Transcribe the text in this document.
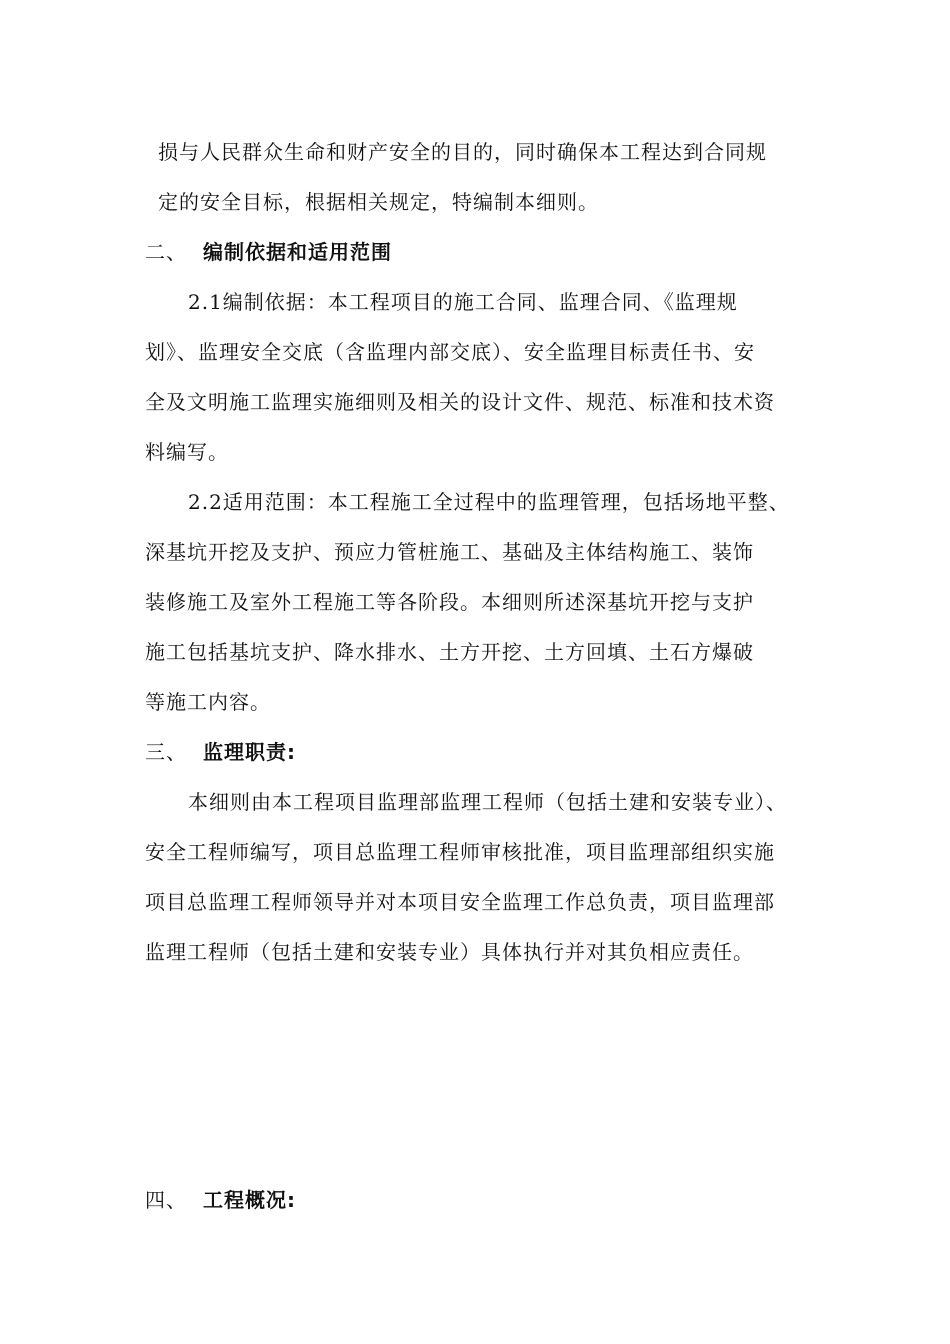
损与人民群众生命和财产安全的目的，同时确保本工程达到合同规
定的安全目标，根据相关规定，特编制本细则。
二、 编制依据和适用范围
2.1编制依据：本工程项目的施工合同、监理合同、《监理规
划》、监理安全交底（含监理内部交底）、安全监理目标责任书、安
全及文明施工监理实施细则及相关的设计文件、规范、标准和技术资
料编写。
2.2适用范围：本工程施工全过程中的监理管理，包括场地平整、
深基坑开挖及支护、预应力管桩施工、基础及主体结构施工、装饰
装修施工及室外工程施工等各阶段。本细则所述深基坑开挖与支护
施工包括基坑支护、降水排水、土方开挖、土方回填、土石方爆破
等施工内容。
三、 监理职责:
本细则由本工程项目监理部监理工程师（包括土建和安装专业）、
安全工程师编写，项目总监理工程师审核批准，项目监理部组织实施
项目总监理工程师领导并对本项目安全监理工作总负责，项目监理部
监理工程师（包括土建和安装专业）具体执行并对其负相应责任。
四、 工程概况:
